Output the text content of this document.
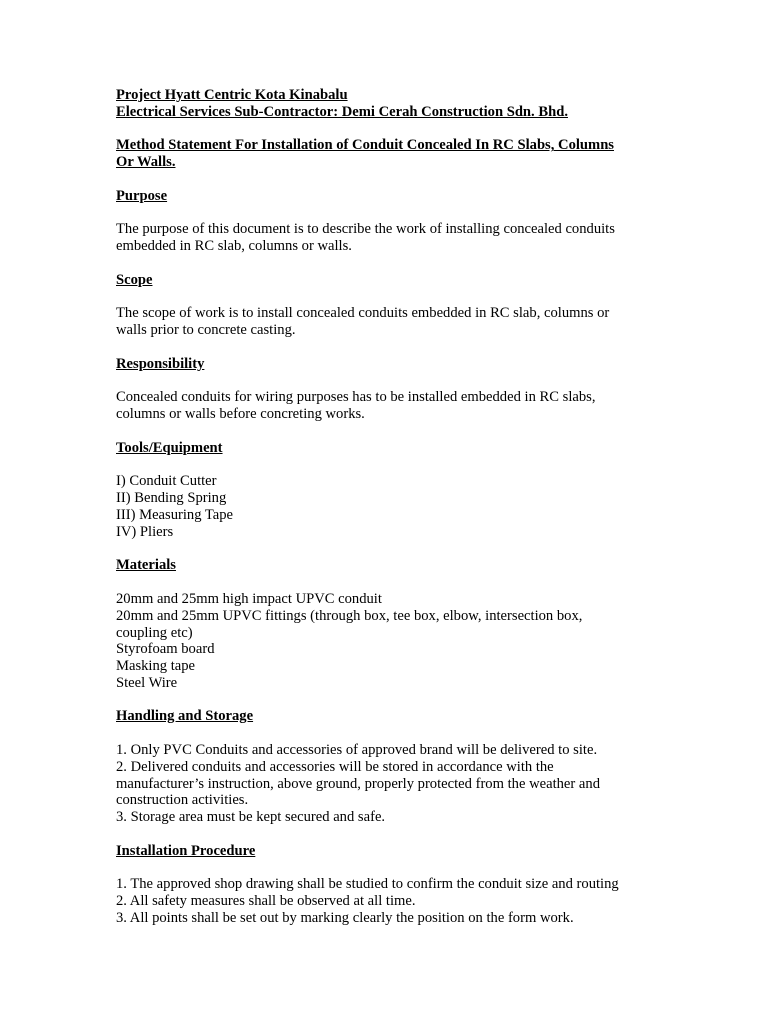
Project Hyatt Centric Kota Kinabalu
Electrical Services Sub-Contractor: Demi Cerah Construction Sdn. Bhd.
Method Statement For Installation of Conduit Concealed In RC Slabs, Columns
Or Walls.
Purpose
The purpose of this document is to describe the work of installing concealed conduits
embedded in RC slab, columns or walls.
Scope
The scope of work is to install concealed conduits embedded in RC slab, columns or
walls prior to concrete casting.
Responsibility
Concealed conduits for wiring purposes has to be installed embedded in RC slabs,
columns or walls before concreting works.
Tools/Equipment
I) Conduit Cutter
II) Bending Spring
III) Measuring Tape
IV) Pliers
Materials
20mm and 25mm high impact UPVC conduit
20mm and 25mm UPVC fittings (through box, tee box, elbow, intersection box,
coupling etc)
Styrofoam board
Masking tape
Steel Wire
Handling and Storage
1. Only PVC Conduits and accessories of approved brand will be delivered to site.
2. Delivered conduits and accessories will be stored in accordance with the
manufacturer’s instruction, above ground, properly protected from the weather and
construction activities.
3. Storage area must be kept secured and safe.
Installation Procedure
1. The approved shop drawing shall be studied to confirm the conduit size and routing
2. All safety measures shall be observed at all time.
3. All points shall be set out by marking clearly the position on the form work.
